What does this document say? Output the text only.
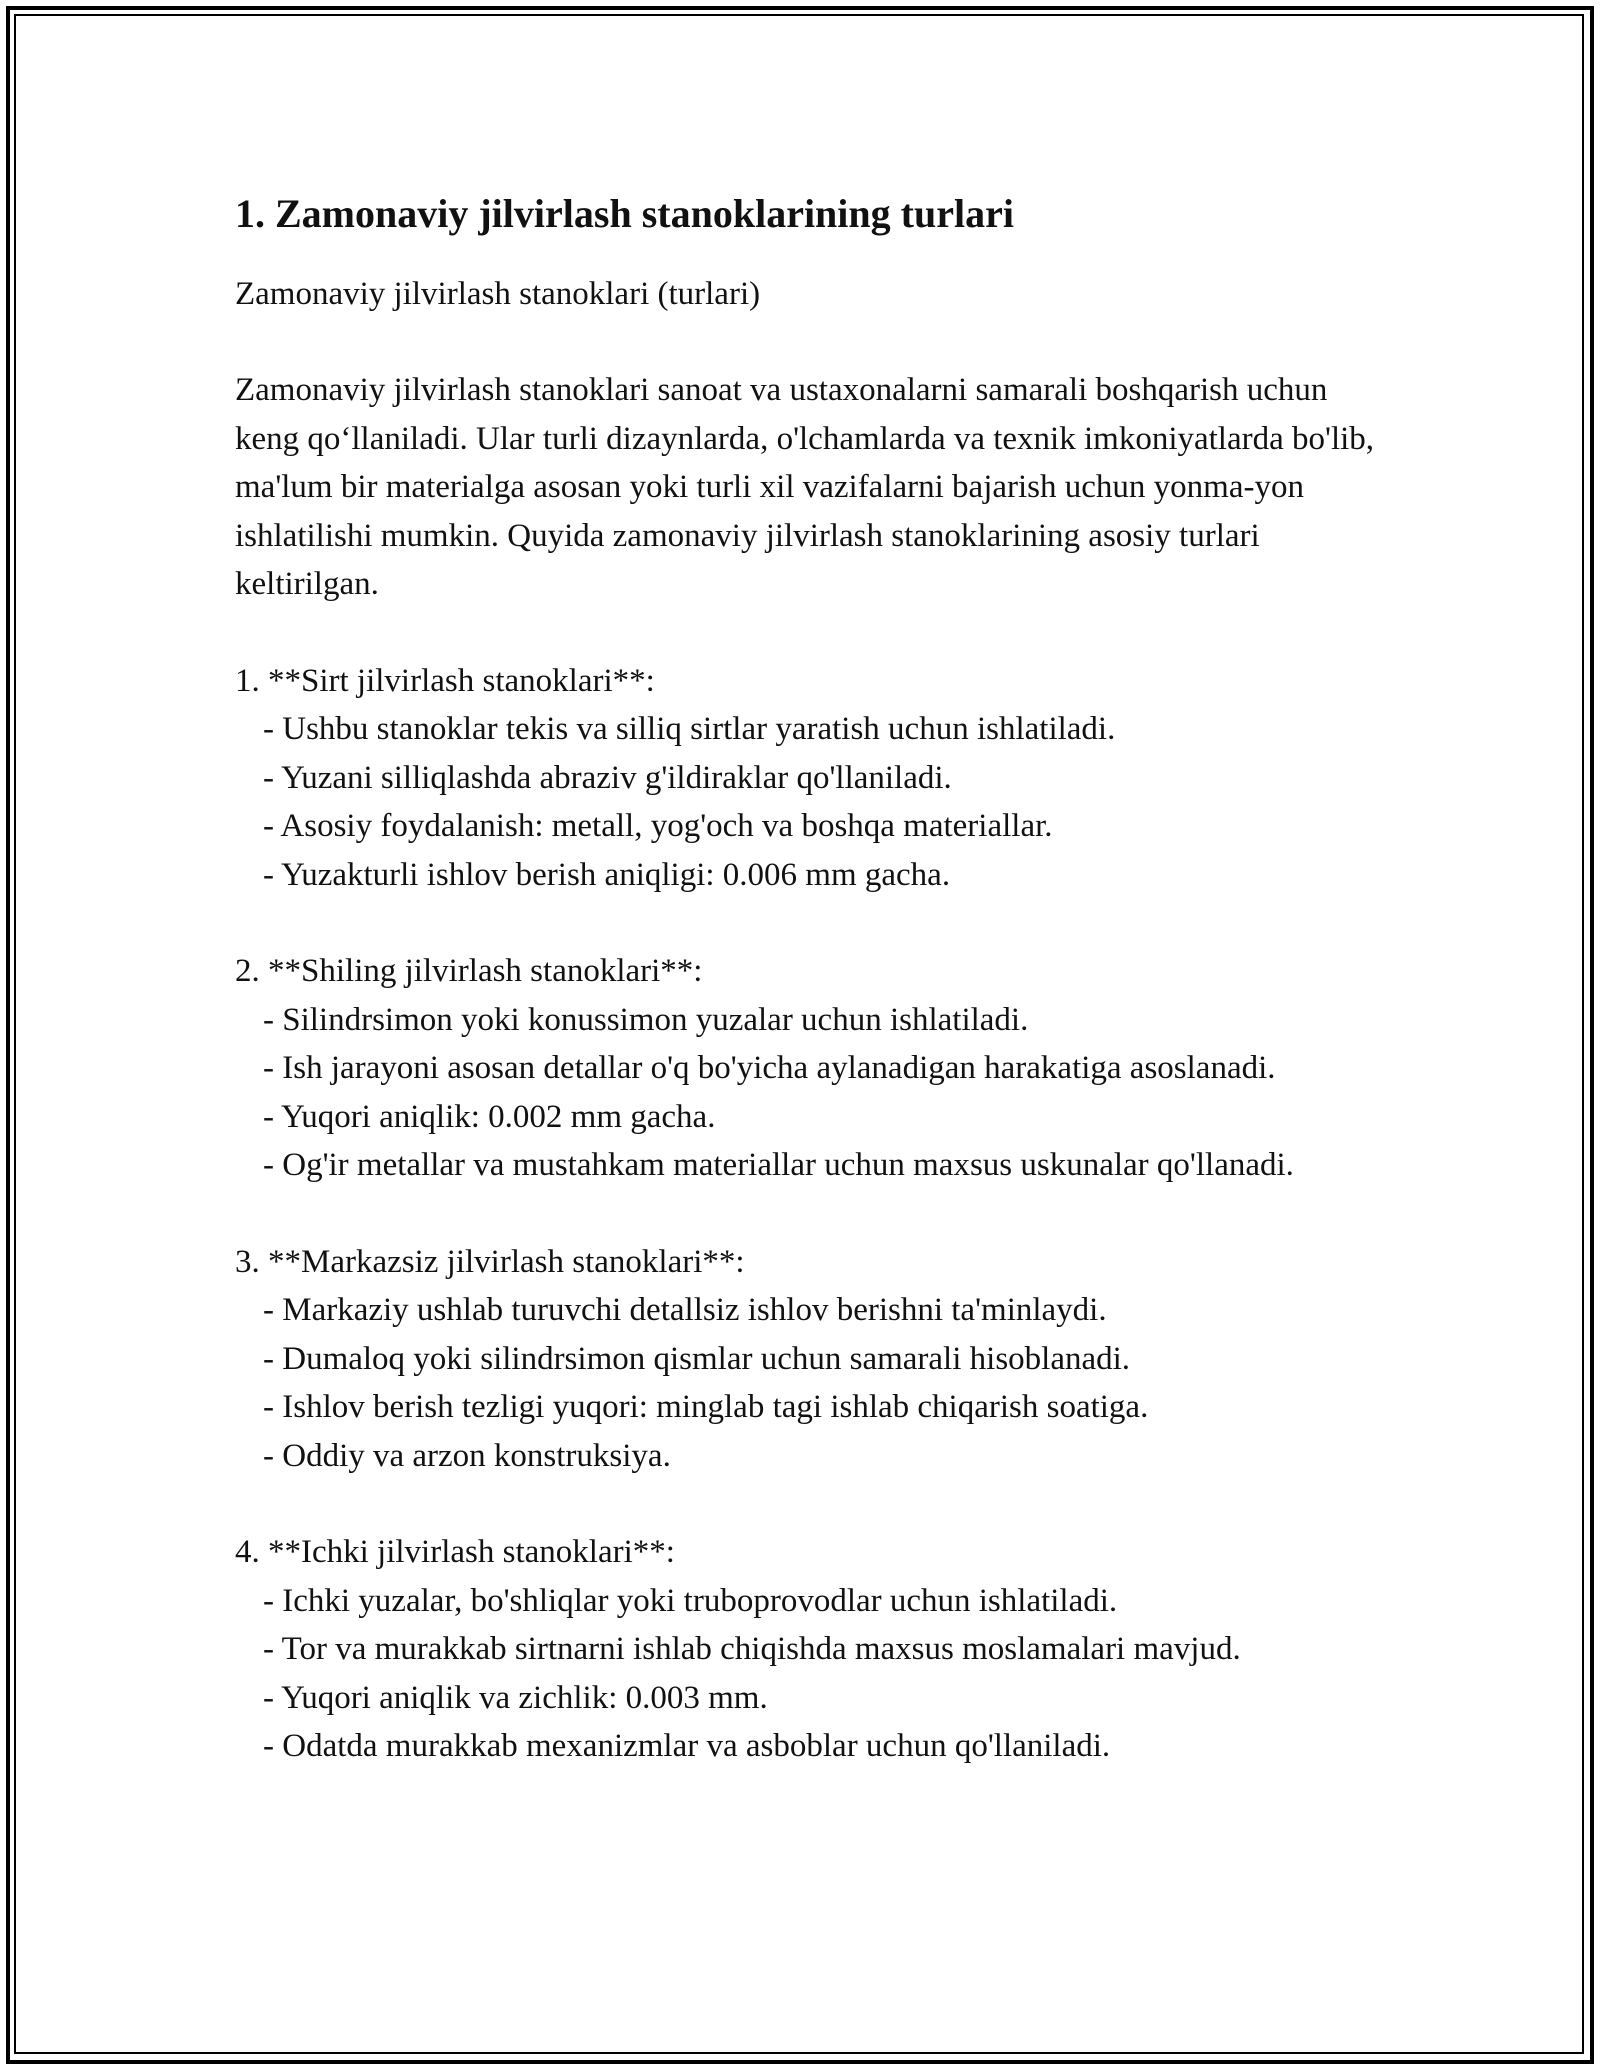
1. Zamonaviy jilvirlash stanoklarining turlari

Zamonaviy jilvirlash stanoklari (turlari)

Zamonaviy jilvirlash stanoklari sanoat va ustaxonalarni samarali boshqarish uchun keng qo‘llaniladi. Ular turli dizaynlarda, o'lchamlarda va texnik imkoniyatlarda bo'lib, ma'lum bir materialga asosan yoki turli xil vazifalarni bajarish uchun yonma-yon ishlatilishi mumkin. Quyida zamonaviy jilvirlash stanoklarining asosiy turlari keltirilgan.

1. **Sirt jilvirlash stanoklari**:

- Ushbu stanoklar tekis va silliq sirtlar yaratish uchun ishlatiladi.

- Yuzani silliqlashda abraziv g'ildiraklar qo'llaniladi.

- Asosiy foydalanish: metall, yog'och va boshqa materiallar.

- Yuzakturli ishlov berish aniqligi: 0.006 mm gacha.

2. **Shiling jilvirlash stanoklari**:

- Silindrsimon yoki konussimon yuzalar uchun ishlatiladi.

- Ish jarayoni asosan detallar o'q bo'yicha aylanadigan harakatiga asoslanadi.

- Yuqori aniqlik: 0.002 mm gacha.

- Og'ir metallar va mustahkam materiallar uchun maxsus uskunalar qo'llanadi.

3. **Markazsiz jilvirlash stanoklari**:

- Markaziy ushlab turuvchi detallsiz ishlov berishni ta'minlaydi.

- Dumaloq yoki silindrsimon qismlar uchun samarali hisoblanadi.

- Ishlov berish tezligi yuqori: minglab tagi ishlab chiqarish soatiga.

- Oddiy va arzon konstruksiya.

4. **Ichki jilvirlash stanoklari**:

- Ichki yuzalar, bo'shliqlar yoki truboprovodlar uchun ishlatiladi.

- Tor va murakkab sirtnarni ishlab chiqishda maxsus moslamalari mavjud.

- Yuqori aniqlik va zichlik: 0.003 mm.

- Odatda murakkab mexanizmlar va asboblar uchun qo'llaniladi.
